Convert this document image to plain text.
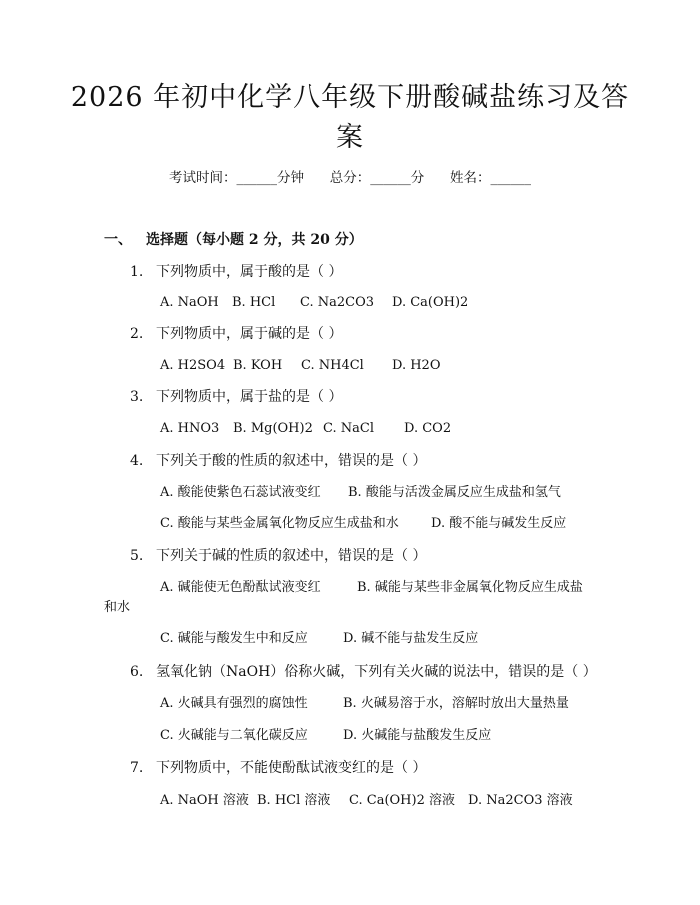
2026 年初中化学八年级下册酸碱盐练习及答
案
考试时间：______分钟      总分：______分      姓名：______
一、 选择题（每小题 2 分，共 20 分）
1. 下列物质中，属于酸的是（ ）
A. NaOH B. HCl C. Na2CO3 D. Ca(OH)2
2. 下列物质中，属于碱的是（ ）
A. H2SO4 B. KOH C. NH4Cl D. H2O
3. 下列物质中，属于盐的是（ ）
A. HNO3 B. Mg(OH)2 C. NaCl D. CO2
4. 下列关于酸的性质的叙述中，错误的是（ ）
A. 酸能使紫色石蕊试液变红 B. 酸能与活泼金属反应生成盐和氢气
C. 酸能与某些金属氧化物反应生成盐和水 D. 酸不能与碱发生反应
5. 下列关于碱的性质的叙述中，错误的是（ ）
A. 碱能使无色酚酞试液变红	B. 碱能与某些非金属氧化物反应生成盐
和水
C. 碱能与酸发生中和反应	D. 碱不能与盐发生反应
6. 氢氧化钠（NaOH）俗称火碱，下列有关火碱的说法中，错误的是（ ）
A. 火碱具有强烈的腐蚀性	B. 火碱易溶于水，溶解时放出大量热量
C. 火碱能与二氧化碳反应	D. 火碱能与盐酸发生反应
7. 下列物质中，不能使酚酞试液变红的是（ ）
A. NaOH 溶液 B. HCl 溶液 C. Ca(OH)2 溶液 D. Na2CO3 溶液
